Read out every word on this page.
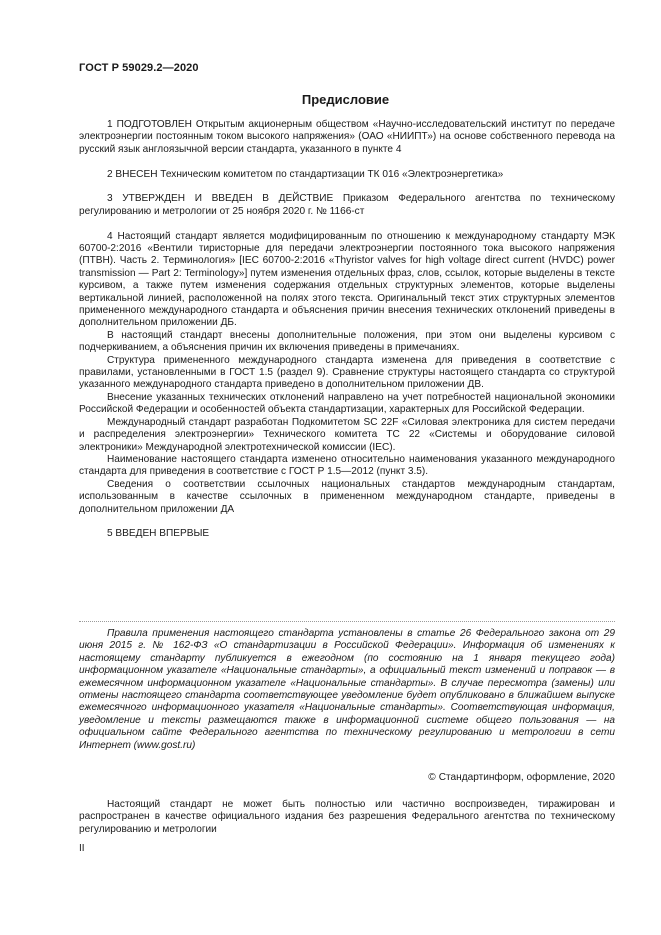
ГОСТ Р 59029.2—2020
Предисловие

1 ПОДГОТОВЛЕН Открытым акционерным обществом «Научно-исследовательский институт по передаче электроэнергии постоянным током высокого напряжения» (ОАО «НИИПТ») на основе собственного перевода на русский язык англоязычной версии стандарта, указанного в пункте 4

2 ВНЕСЕН Техническим комитетом по стандартизации ТК 016 «Электроэнергетика»

3 УТВЕРЖДЕН И ВВЕДЕН В ДЕЙСТВИЕ Приказом Федерального агентства по техническому регулированию и метрологии от 25 ноября 2020 г. № 1166-ст

4 Настоящий стандарт является модифицированным по отношению к международному стандарту МЭК 60700-2:2016 «Вентили тиристорные для передачи электроэнергии постоянного тока высокого напряжения (ПТВН). Часть 2. Терминология» [IEC 60700-2:2016 «Thyristor valves for high voltage direct current (HVDC) power transmission — Part 2: Terminology»] путем изменения отдельных фраз, слов, ссылок, которые выделены в тексте курсивом, а также путем изменения содержания отдельных структурных элементов, которые выделены вертикальной линией, расположенной на полях этого текста. Оригинальный текст этих структурных элементов примененного международного стандарта и объяснения причин внесения технических отклонений приведены в дополнительном приложении ДБ.

В настоящий стандарт внесены дополнительные положения, при этом они выделены курсивом с подчеркиванием, а объяснения причин их включения приведены в примечаниях.

Структура примененного международного стандарта изменена для приведения в соответствие с правилами, установленными в ГОСТ 1.5 (раздел 9). Сравнение структуры настоящего стандарта со структурой указанного международного стандарта приведено в дополнительном приложении ДВ.

Внесение указанных технических отклонений направлено на учет потребностей национальной экономики Российской Федерации и особенностей объекта стандартизации, характерных для Российской Федерации.

Международный стандарт разработан Подкомитетом SC 22F «Силовая электроника для систем передачи и распределения электроэнергии» Технического комитета ТС 22 «Системы и оборудование силовой электроники» Международной электротехнической комиссии (IEC).

Наименование настоящего стандарта изменено относительно наименования указанного международного стандарта для приведения в соответствие с ГОСТ Р 1.5—2012 (пункт 3.5).

Сведения о соответствии ссылочных национальных стандартов международным стандартам, использованным в качестве ссылочных в примененном международном стандарте, приведены в дополнительном приложении ДА

5 ВВЕДЕН ВПЕРВЫЕ

Правила применения настоящего стандарта установлены в статье 26 Федерального закона от 29 июня 2015 г. № 162-ФЗ «О стандартизации в Российской Федерации». Информация об изменениях к настоящему стандарту публикуется в ежегодном (по состоянию на 1 января текущего года) информационном указателе «Национальные стандарты», а официальный текст изменений и поправок — в ежемесячном информационном указателе «Национальные стандарты». В случае пересмотра (замены) или отмены настоящего стандарта соответствующее уведомление будет опубликовано в ближайшем выпуске ежемесячного информационного указателя «Национальные стандарты». Соответствующая информация, уведомление и тексты размещаются также в информационной системе общего пользования — на официальном сайте Федерального агентства по техническому регулированию и метрологии в сети Интернет (www.gost.ru)

© Стандартинформ, оформление, 2020

Настоящий стандарт не может быть полностью или частично воспроизведен, тиражирован и распространен в качестве официального издания без разрешения Федерального агентства по техническому регулированию и метрологии

II
